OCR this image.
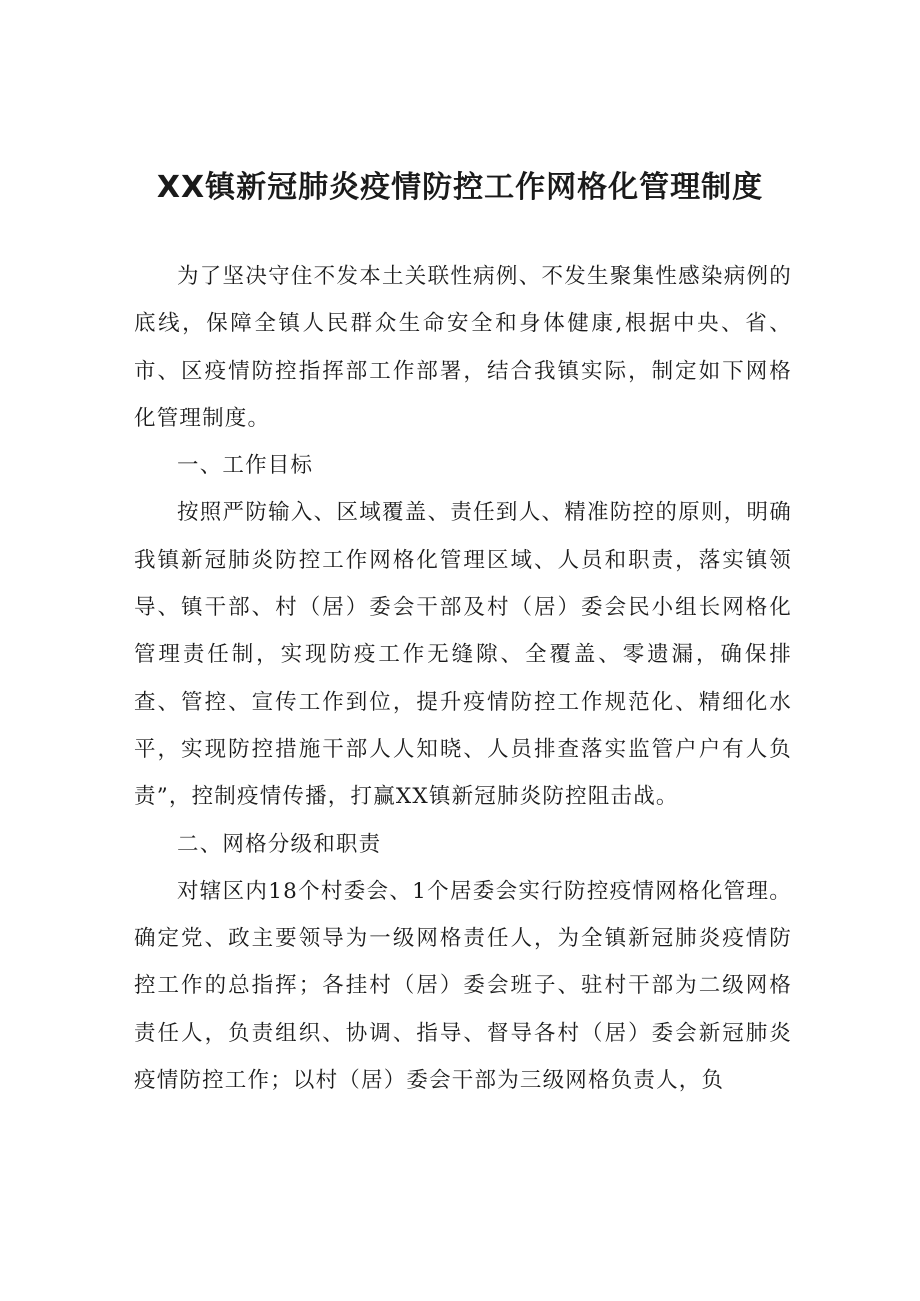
XX镇新冠肺炎疫情防控工作网格化管理制度

为了坚决守住不发本土关联性病例、不发生聚集性感染病例的底线，保障全镇人民群众生命安全和身体健康,根据中央、省、市、区疫情防控指挥部工作部署，结合我镇实际，制定如下网格化管理制度。

一、工作目标

按照严防输入、区域覆盖、责任到人、精准防控的原则，明确我镇新冠肺炎防控工作网格化管理区域、人员和职责，落实镇领导、镇干部、村（居）委会干部及村（居）委会民小组长网格化管理责任制，实现防疫工作无缝隙、全覆盖、零遗漏，确保排查、管控、宣传工作到位，提升疫情防控工作规范化、精细化水平，实现防控措施干部人人知晓、人员排查落实监管户户有人负责”，控制疫情传播，打赢XX镇新冠肺炎防控阻击战。

二、网格分级和职责

对辖区内18个村委会、1个居委会实行防控疫情网格化管理。确定党、政主要领导为一级网格责任人，为全镇新冠肺炎疫情防控工作的总指挥；各挂村（居）委会班子、驻村干部为二级网格责任人，负责组织、协调、指导、督导各村（居）委会新冠肺炎疫情防控工作；以村（居）委会干部为三级网格负责人，负
